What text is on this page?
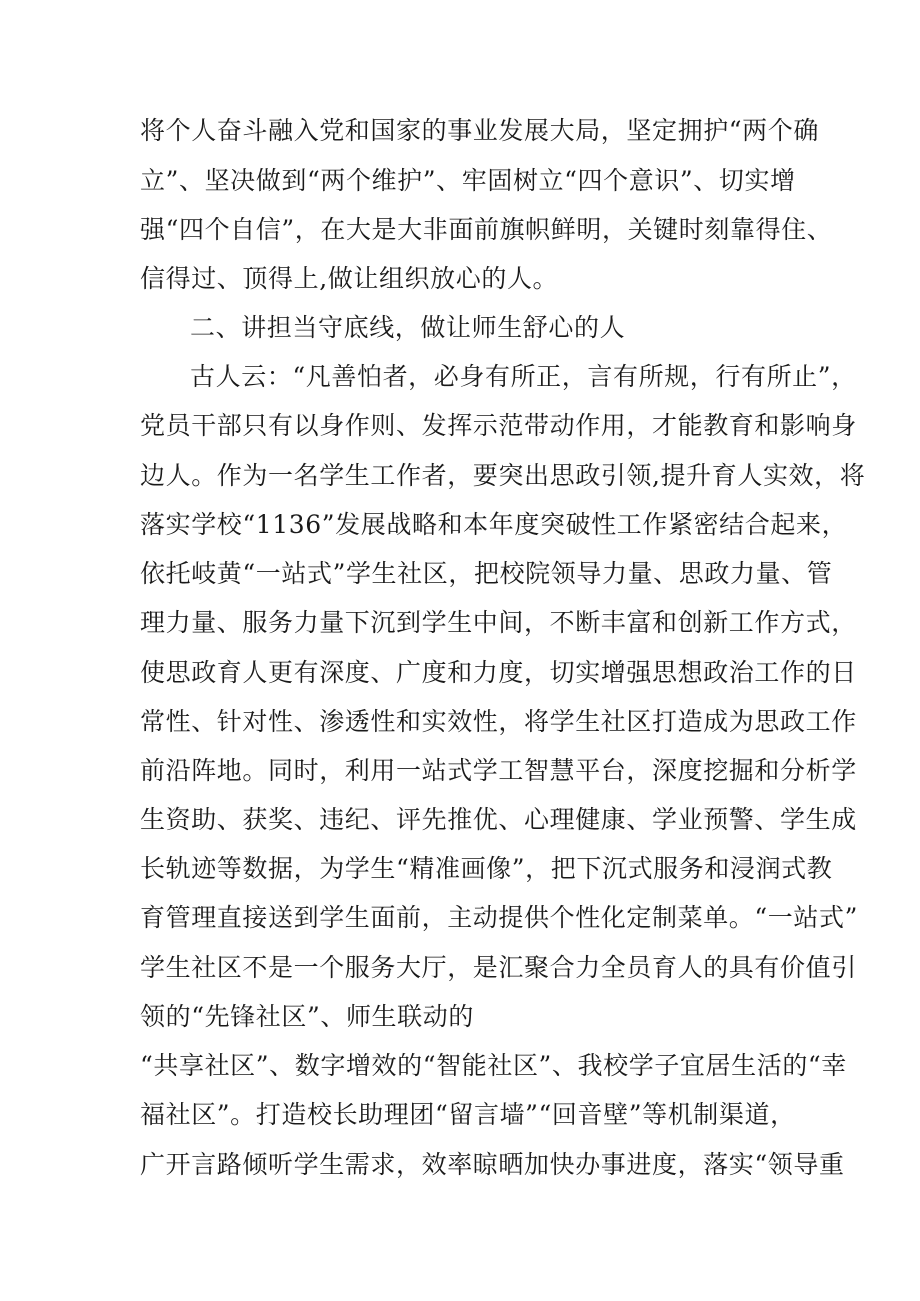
将个人奋斗融入党和国家的事业发展大局，坚定拥护“两个确
立”、坚决做到“两个维护”、牢固树立“四个意识”、切实增
强“四个自信”，在大是大非面前旗帜鲜明，关键时刻靠得住、
信得过、顶得上,做让组织放心的人。
二、讲担当守底线，做让师生舒心的人
古人云：“凡善怕者，必身有所正，言有所规，行有所止”，
党员干部只有以身作则、发挥示范带动作用，才能教育和影响身
边人。作为一名学生工作者，要突出思政引领,提升育人实效，将
落实学校“1136”发展战略和本年度突破性工作紧密结合起来，
依托岐黄“一站式”学生社区，把校院领导力量、思政力量、管
理力量、服务力量下沉到学生中间，不断丰富和创新工作方式，
使思政育人更有深度、广度和力度，切实增强思想政治工作的日
常性、针对性、渗透性和实效性，将学生社区打造成为思政工作
前沿阵地。同时，利用一站式学工智慧平台，深度挖掘和分析学
生资助、获奖、违纪、评先推优、心理健康、学业预警、学生成
长轨迹等数据，为学生“精准画像”，把下沉式服务和浸润式教
育管理直接送到学生面前，主动提供个性化定制菜单。“一站式”
学生社区不是一个服务大厅，是汇聚合力全员育人的具有价值引
领的“先锋社区”、师生联动的
“共享社区”、数字增效的“智能社区”、我校学子宜居生活的“幸
福社区”。打造校长助理团“留言墙”“回音壁”等机制渠道，
广开言路倾听学生需求，效率晾晒加快办事进度，落实“领导重
